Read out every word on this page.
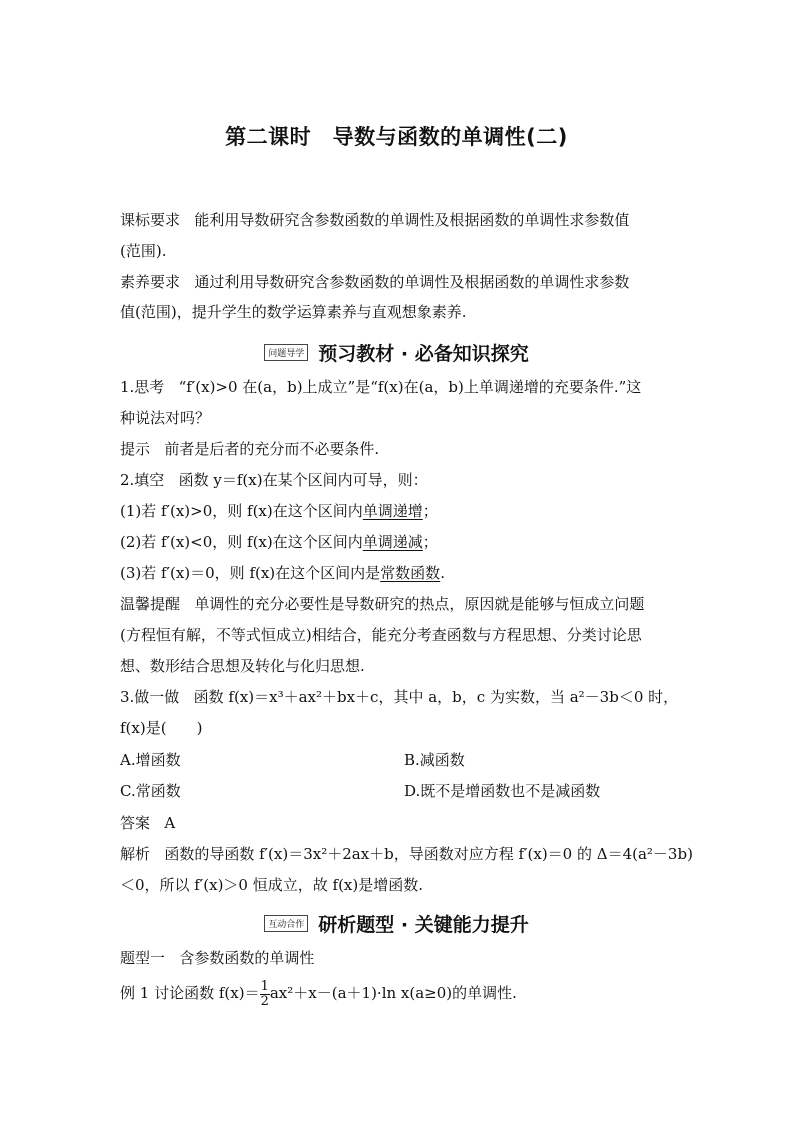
第二课时　导数与函数的单调性(二)
课标要求 能利用导数研究含参数函数的单调性及根据函数的单调性求参数值
(范围).
素养要求 通过利用导数研究含参数函数的单调性及根据函数的单调性求参数
值(范围)，提升学生的数学运算素养与直观想象素养.
问题导学 预习教材 · 必备知识探究
1.思考 “f′(x)>0 在(a，b)上成立”是“f(x)在(a，b)上单调递增的充要条件.”这
种说法对吗？
提示 前者是后者的充分而不必要条件.
2.填空 函数 y＝f(x)在某个区间内可导，则：
(1)若 f′(x)>0，则 f(x)在这个区间内单调递增；
(2)若 f′(x)<0，则 f(x)在这个区间内单调递减；
(3)若 f′(x)＝0，则 f(x)在这个区间内是常数函数.
温馨提醒 单调性的充分必要性是导数研究的热点，原因就是能够与恒成立问题
(方程恒有解，不等式恒成立)相结合，能充分考查函数与方程思想、分类讨论思
想、数形结合思想及转化与化归思想.
3.做一做 函数 f(x)＝x³＋ax²＋bx＋c，其中 a，b，c 为实数，当 a²－3b＜0 时，
f(x)是(　　)
A.增函数	B.减函数
C.常函数	D.既不是增函数也不是减函数
答案 A
解析 函数的导函数 f′(x)＝3x²＋2ax＋b，导函数对应方程 f′(x)＝0 的 Δ＝4(a²－3b)
＜0，所以 f′(x)＞0 恒成立，故 f(x)是增函数.
互动合作 研析题型 · 关键能力提升
题型一 含参数函数的单调性
例 1 讨论函数 $f(x)= \frac{1}{2} ax^2+x-(a+1)\cdot\ln$ x(a≥0)的单调性.
